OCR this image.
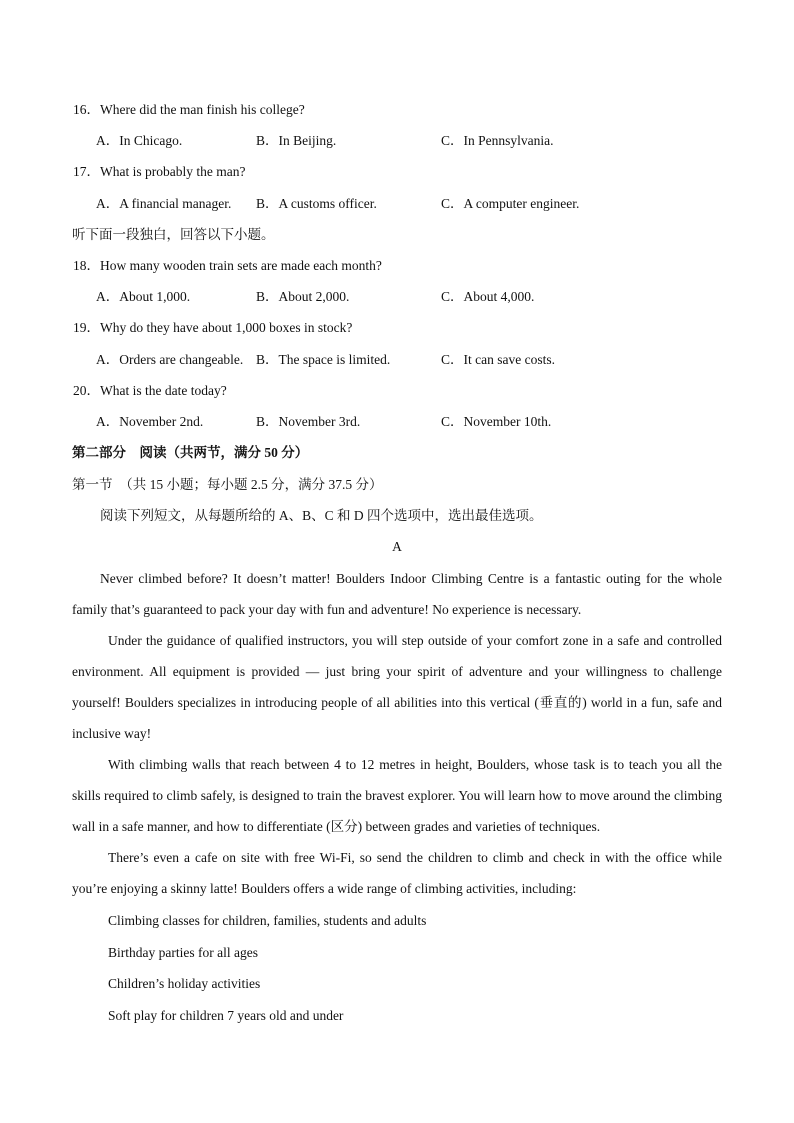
16．Where did the man finish his college?
A．In Chicago.	B．In Beijing.	C．In Pennsylvania.
17．What is probably the man?
A．A financial manager. B．A customs officer.	C．A computer engineer.
听下面一段独白，回答以下小题。
18．How many wooden train sets are made each month?
A．About 1,000.	B．About 2,000.	C．About 4,000.
19．Why do they have about 1,000 boxes in stock?
A．Orders are changeable. B．The space is limited.	C．It can save costs.
20．What is the date today?
A．November 2nd.	B．November 3rd.	C．November 10th.
第二部分　阅读（共两节，满分 50 分）
第一节　（共 15 小题；每小题 2.5 分，满分 37.5 分）
阅读下列短文，从每题所给的 A、B、C 和 D 四个选项中，选出最佳选项。
A

Never climbed before? It doesn’t matter! Boulders Indoor Climbing Centre is a fantastic outing for the whole family that’s guaranteed to pack your day with fun and adventure! No experience is necessary.

Under the guidance of qualified instructors, you will step outside of your comfort zone in a safe and controlled environment. All equipment is provided — just bring your spirit of adventure and your willingness to challenge yourself! Boulders specializes in introducing people of all abilities into this vertical (垂直的) world in a fun, safe and inclusive way!

With climbing walls that reach between 4 to 12 metres in height, Boulders, whose task is to teach you all the skills required to climb safely, is designed to train the bravest explorer. You will learn how to move around the climbing wall in a safe manner, and how to differentiate (区分) between grades and varieties of techniques.

There’s even a cafe on site with free Wi-Fi, so send the children to climb and check in with the office while you’re enjoying a skinny latte! Boulders offers a wide range of climbing activities, including:

Climbing classes for children, families, students and adults
Birthday parties for all ages
Children’s holiday activities
Soft play for children 7 years old and under
